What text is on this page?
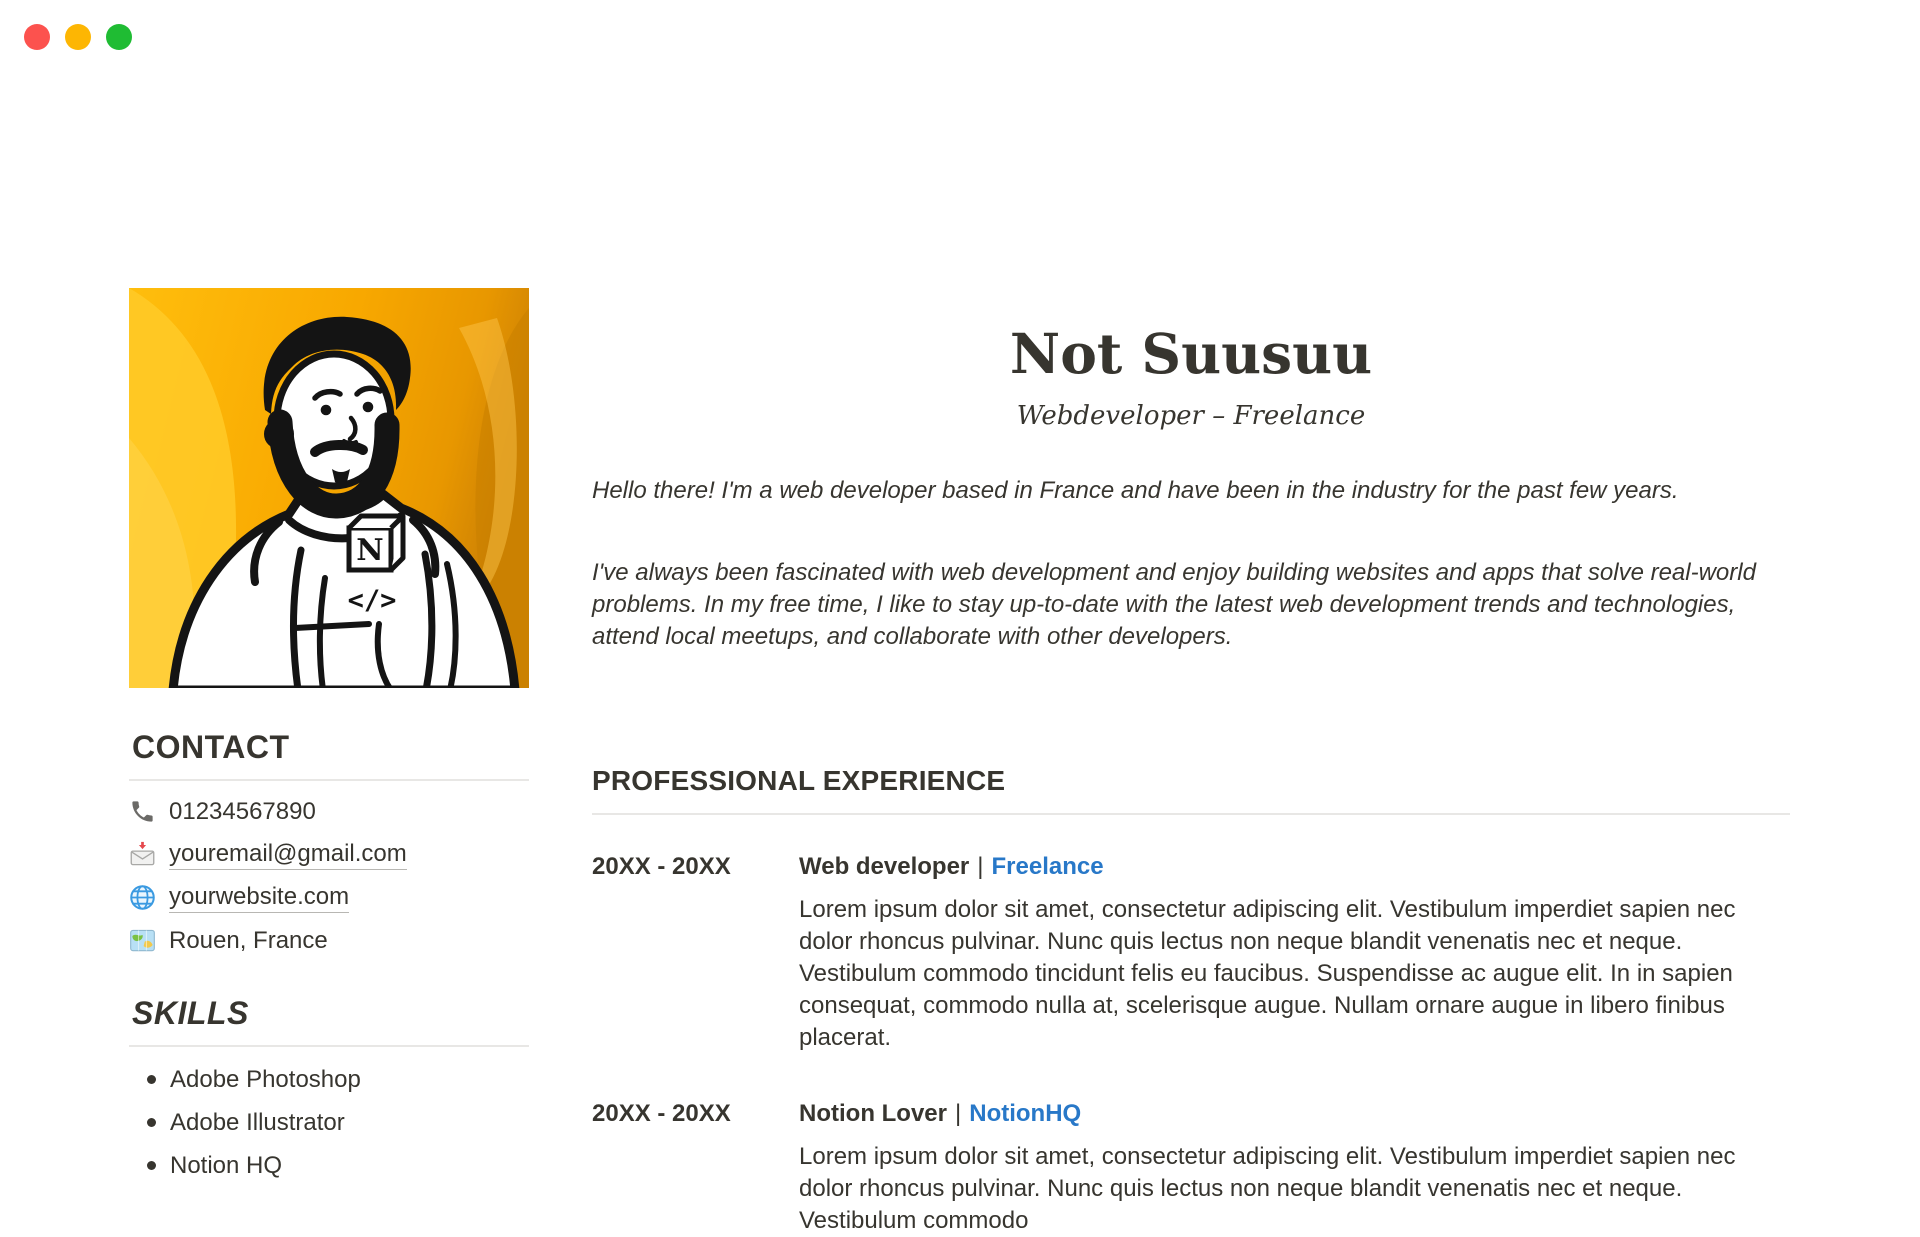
N
</>
CONTACT
01234567890
youremail@gmail.com
yourwebsite.com
Rouen, France
SKILLS
Adobe Photoshop
Adobe Illustrator
Notion HQ
Not Suusuu
Webdeveloper – Freelance

Hello there! I'm a web developer based in France and have been in the industry for the past few years.

I've always been fascinated with web development and enjoy building websites and apps that solve real-world problems. In my free time, I like to stay up-to-date with the latest web development trends and technologies, attend local meetups, and collaborate with other developers.

PROFESSIONAL EXPERIENCE
20XX - 20XX	Web developer | Freelance

Lorem ipsum dolor sit amet, consectetur adipiscing elit. Vestibulum imperdiet sapien nec dolor rhoncus pulvinar. Nunc quis lectus non neque blandit venenatis nec et neque. Vestibulum commodo tincidunt felis eu faucibus. Suspendisse ac augue elit. In in sapien consequat, commodo nulla at, scelerisque augue. Nullam ornare augue in libero finibus placerat.

20XX - 20XX	Notion Lover | NotionHQ

Lorem ipsum dolor sit amet, consectetur adipiscing elit. Vestibulum imperdiet sapien nec dolor rhoncus pulvinar. Nunc quis lectus non neque blandit venenatis nec et neque. Vestibulum commodo
